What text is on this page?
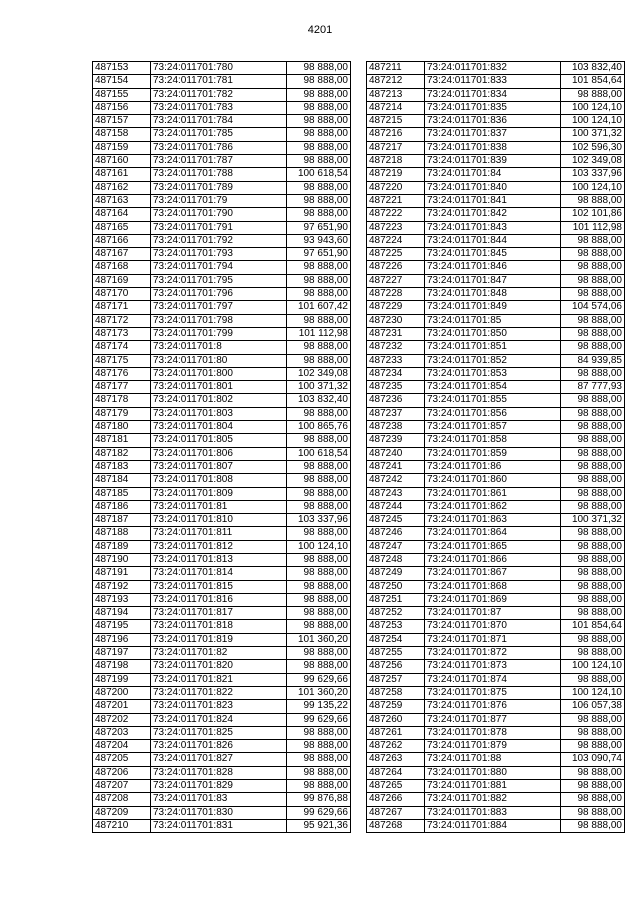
4201
487153	73:24:011701:780	98 888,00
487154	73:24:011701:781	98 888,00
487155	73:24:011701:782	98 888,00
487156	73:24:011701:783	98 888,00
487157	73:24:011701:784	98 888,00
487158	73:24:011701:785	98 888,00
487159	73:24:011701:786	98 888,00
487160	73:24:011701:787	98 888,00
487161	73:24:011701:788	100 618,54
487162	73:24:011701:789	98 888,00
487163	73:24:011701:79	98 888,00
487164	73:24:011701:790	98 888,00
487165	73:24:011701:791	97 651,90
487166	73:24:011701:792	93 943,60
487167	73:24:011701:793	97 651,90
487168	73:24:011701:794	98 888,00
487169	73:24:011701:795	98 888,00
487170	73:24:011701:796	98 888,00
487171	73:24:011701:797	101 607,42
487172	73:24:011701:798	98 888,00
487173	73:24:011701:799	101 112,98
487174	73:24:011701:8	98 888,00
487175	73:24:011701:80	98 888,00
487176	73:24:011701:800	102 349,08
487177	73:24:011701:801	100 371,32
487178	73:24:011701:802	103 832,40
487179	73:24:011701:803	98 888,00
487180	73:24:011701:804	100 865,76
487181	73:24:011701:805	98 888,00
487182	73:24:011701:806	100 618,54
487183	73:24:011701:807	98 888,00
487184	73:24:011701:808	98 888,00
487185	73:24:011701:809	98 888,00
487186	73:24:011701:81	98 888,00
487187	73:24:011701:810	103 337,96
487188	73:24:011701:811	98 888,00
487189	73:24:011701:812	100 124,10
487190	73:24:011701:813	98 888,00
487191	73:24:011701:814	98 888,00
487192	73:24:011701:815	98 888,00
487193	73:24:011701:816	98 888,00
487194	73:24:011701:817	98 888,00
487195	73:24:011701:818	98 888,00
487196	73:24:011701:819	101 360,20
487197	73:24:011701:82	98 888,00
487198	73:24:011701:820	98 888,00
487199	73:24:011701:821	99 629,66
487200	73:24:011701:822	101 360,20
487201	73:24:011701:823	99 135,22
487202	73:24:011701:824	99 629,66
487203	73:24:011701:825	98 888,00
487204	73:24:011701:826	98 888,00
487205	73:24:011701:827	98 888,00
487206	73:24:011701:828	98 888,00
487207	73:24:011701:829	98 888,00
487208	73:24:011701:83	99 876,88
487209	73:24:011701:830	99 629,66
487210	73:24:011701:831	95 921,36
487211	73:24:011701:832	103 832,40
487212	73:24:011701:833	101 854,64
487213	73:24:011701:834	98 888,00
487214	73:24:011701:835	100 124,10
487215	73:24:011701:836	100 124,10
487216	73:24:011701:837	100 371,32
487217	73:24:011701:838	102 596,30
487218	73:24:011701:839	102 349,08
487219	73:24:011701:84	103 337,96
487220	73:24:011701:840	100 124,10
487221	73:24:011701:841	98 888,00
487222	73:24:011701:842	102 101,86
487223	73:24:011701:843	101 112,98
487224	73:24:011701:844	98 888,00
487225	73:24:011701:845	98 888,00
487226	73:24:011701:846	98 888,00
487227	73:24:011701:847	98 888,00
487228	73:24:011701:848	98 888,00
487229	73:24:011701:849	104 574,06
487230	73:24:011701:85	98 888,00
487231	73:24:011701:850	98 888,00
487232	73:24:011701:851	98 888,00
487233	73:24:011701:852	84 939,85
487234	73:24:011701:853	98 888,00
487235	73:24:011701:854	87 777,93
487236	73:24:011701:855	98 888,00
487237	73:24:011701:856	98 888,00
487238	73:24:011701:857	98 888,00
487239	73:24:011701:858	98 888,00
487240	73:24:011701:859	98 888,00
487241	73:24:011701:86	98 888,00
487242	73:24:011701:860	98 888,00
487243	73:24:011701:861	98 888,00
487244	73:24:011701:862	98 888,00
487245	73:24:011701:863	100 371,32
487246	73:24:011701:864	98 888,00
487247	73:24:011701:865	98 888,00
487248	73:24:011701:866	98 888,00
487249	73:24:011701:867	98 888,00
487250	73:24:011701:868	98 888,00
487251	73:24:011701:869	98 888,00
487252	73:24:011701:87	98 888,00
487253	73:24:011701:870	101 854,64
487254	73:24:011701:871	98 888,00
487255	73:24:011701:872	98 888,00
487256	73:24:011701:873	100 124,10
487257	73:24:011701:874	98 888,00
487258	73:24:011701:875	100 124,10
487259	73:24:011701:876	106 057,38
487260	73:24:011701:877	98 888,00
487261	73:24:011701:878	98 888,00
487262	73:24:011701:879	98 888,00
487263	73:24:011701:88	103 090,74
487264	73:24:011701:880	98 888,00
487265	73:24:011701:881	98 888,00
487266	73:24:011701:882	98 888,00
487267	73:24:011701:883	98 888,00
487268	73:24:011701:884	98 888,00
